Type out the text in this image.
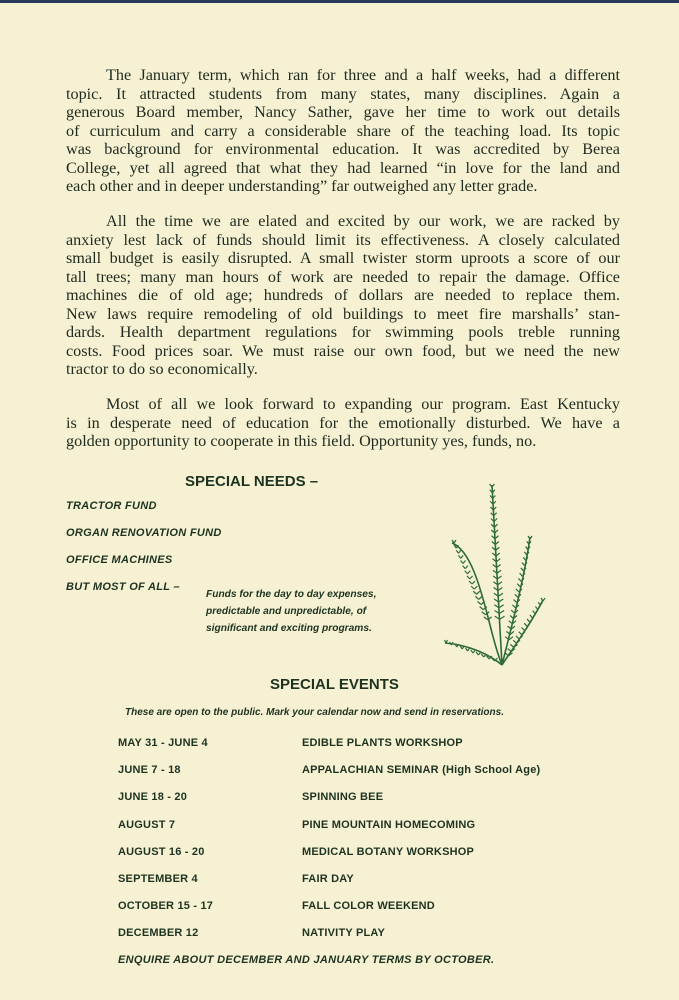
The January term, which ran for three and a half weeks, had a different
topic. It attracted students from many states, many disciplines. Again a
generous Board member, Nancy Sather, gave her time to work out details
of curriculum and carry a considerable share of the teaching load. Its topic
was background for environmental education. It was accredited by Berea
College, yet all agreed that what they had learned “in love for the land and
each other and in deeper understanding” far outweighed any letter grade.
All the time we are elated and excited by our work, we are racked by
anxiety lest lack of funds should limit its effectiveness. A closely calculated
small budget is easily disrupted. A small twister storm uproots a score of our
tall trees; many man hours of work are needed to repair the damage. Office
machines die of old age; hundreds of dollars are needed to replace them.
New laws require remodeling of old buildings to meet fire marshalls’ stan-
dards. Health department regulations for swimming pools treble running
costs. Food prices soar. We must raise our own food, but we need the new
tractor to do so economically.
Most of all we look forward to expanding our program. East Kentucky
is in desperate need of education for the emotionally disturbed. We have a
golden opportunity to cooperate in this field. Opportunity yes, funds, no.
SPECIAL NEEDS –
TRACTOR FUND
ORGAN RENOVATION FUND
OFFICE MACHINES
BUT MOST OF ALL –
Funds for the day to day expenses,
predictable and unpredictable, of
significant and exciting programs.
SPECIAL EVENTS
These are open to the public. Mark your calendar now and send in reservations.
MAY 31 - JUNE 4	EDIBLE PLANTS WORKSHOP
JUNE 7 - 18	APPALACHIAN SEMINAR (High School Age)
JUNE 18 - 20	SPINNING BEE
AUGUST 7	PINE MOUNTAIN HOMECOMING
AUGUST 16 - 20	MEDICAL BOTANY WORKSHOP
SEPTEMBER 4	FAIR DAY
OCTOBER 15 - 17	FALL COLOR WEEKEND
DECEMBER 12	NATIVITY PLAY
ENQUIRE ABOUT DECEMBER AND JANUARY TERMS BY OCTOBER.
